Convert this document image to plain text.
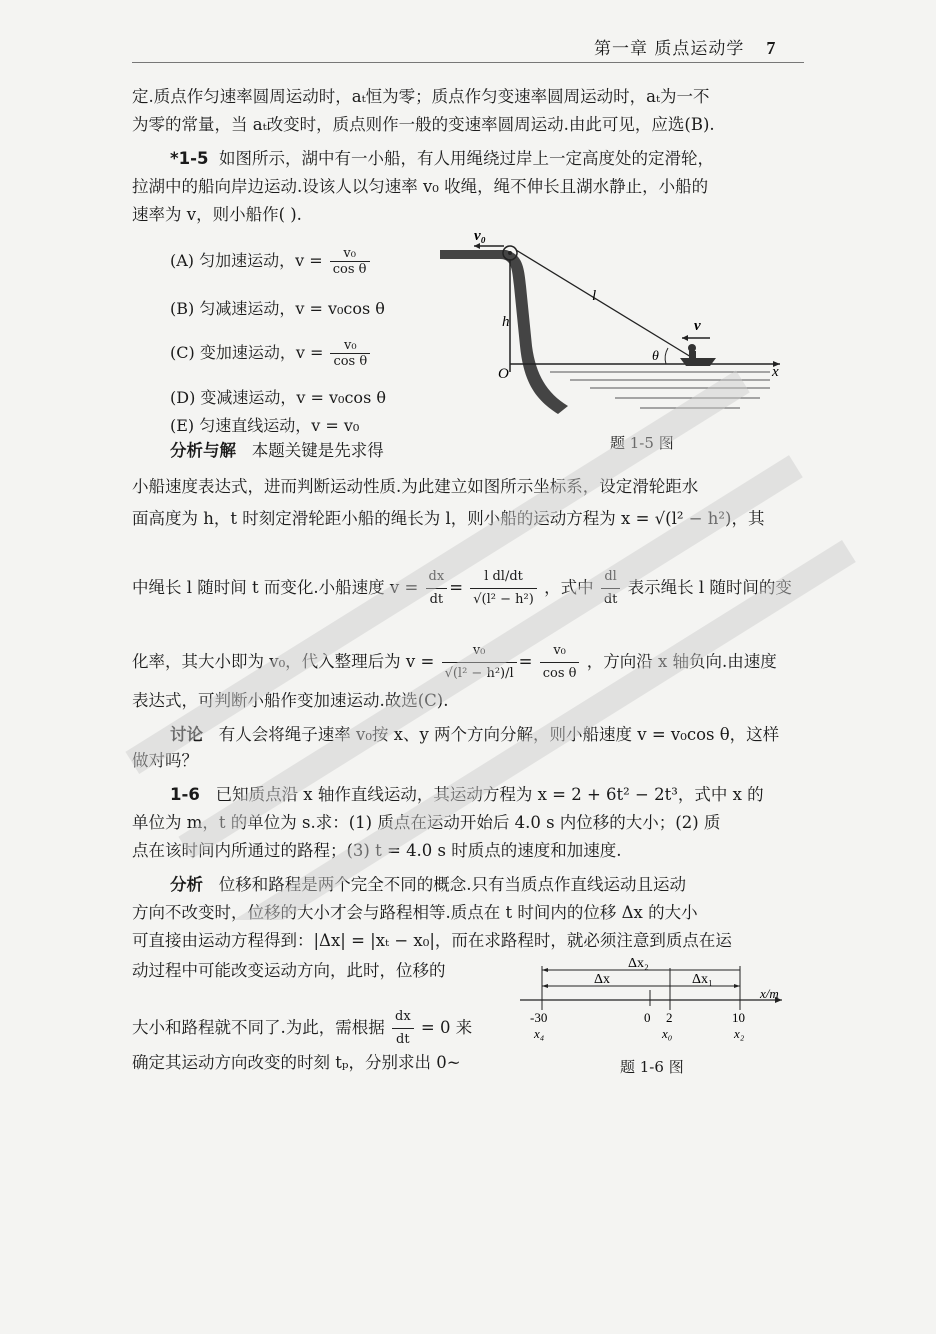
第一章 质点运动学 7
定.质点作匀速率圆周运动时，aₜ恒为零；质点作匀变速率圆周运动时，aₜ为一不
为零的常量，当 aₜ改变时，质点则作一般的变速率圆周运动.由此可见，应选(B).
*1-5 如图所示，湖中有一小船，有人用绳绕过岸上一定高度处的定滑轮，
拉湖中的船向岸边运动.设该人以匀速率 v₀ 收绳，绳不伸长且湖水静止，小船的
速率为 v，则小船作( ).
(A) 匀加速运动，$v = \frac{\text{v₀}}{\text{cos θ}}$
(B) 匀减速运动，v = v₀cos θ
(C) 变加速运动，$v = \frac{\text{v₀}}{\text{cos θ}}$
(D) 变减速运动，v = v₀cos θ
(E) 匀速直线运动，v = v₀
v₀
l
h	v
θ
O	x
题 1-5 图
分析与解 本题关键是先求得
小船速度表达式，进而判断运动性质.为此建立如图所示坐标系，设定滑轮距水
面高度为 h，t 时刻定滑轮距小船的绳长为 l，则小船的运动方程为 x = √(l² − h²)，其
中绳长 l 随时间 t 而变化.小船速度 $v = \frac{dx}{dt} = \frac{\text{l dl/dt}}{\text{√(l² − h²)}}$ ，式中 $\frac{dl}{dt}$ 表示绳长 l 随时间的变
化率，其大小即为 v₀，代入整理后为 $v = \frac{\text{v₀}}{\text{√(l² − h²)/l}} = \frac{\text{v₀}}{\text{cos θ}}$ ，方向沿 x 轴负向.由速度
表达式，可判断小船作变加速运动.故选(C).
讨论 有人会将绳子速率 v₀按 x、y 两个方向分解，则小船速度 v = v₀cos θ，这样
做对吗？
1-6 已知质点沿 x 轴作直线运动，其运动方程为 x = 2 + 6t² − 2t³，式中 x 的
单位为 m，t 的单位为 s.求：(1) 质点在运动开始后 4.0 s 内位移的大小；(2) 质
点在该时间内所通过的路程；(3) t = 4.0 s 时质点的速度和加速度.
分析 位移和路程是两个完全不同的概念.只有当质点作直线运动且运动
方向不改变时，位移的大小才会与路程相等.质点在 t 时间内的位移 Δx 的大小
可直接由运动方程得到：|Δx| = |xₜ − x₀|，而在求路程时，就必须注意到质点在运
动过程中可能改变运动方向，此时，位移的
大小和路程就不同了.为此，需根据 $\frac{dx}{dt} = 0$ 来
确定其运动方向改变的时刻 tₚ，分别求出 0~
Δx₂
Δx	Δx₁
-30	0 2	10
x/m
x₄	x₀	x₂
题 1-6 图
